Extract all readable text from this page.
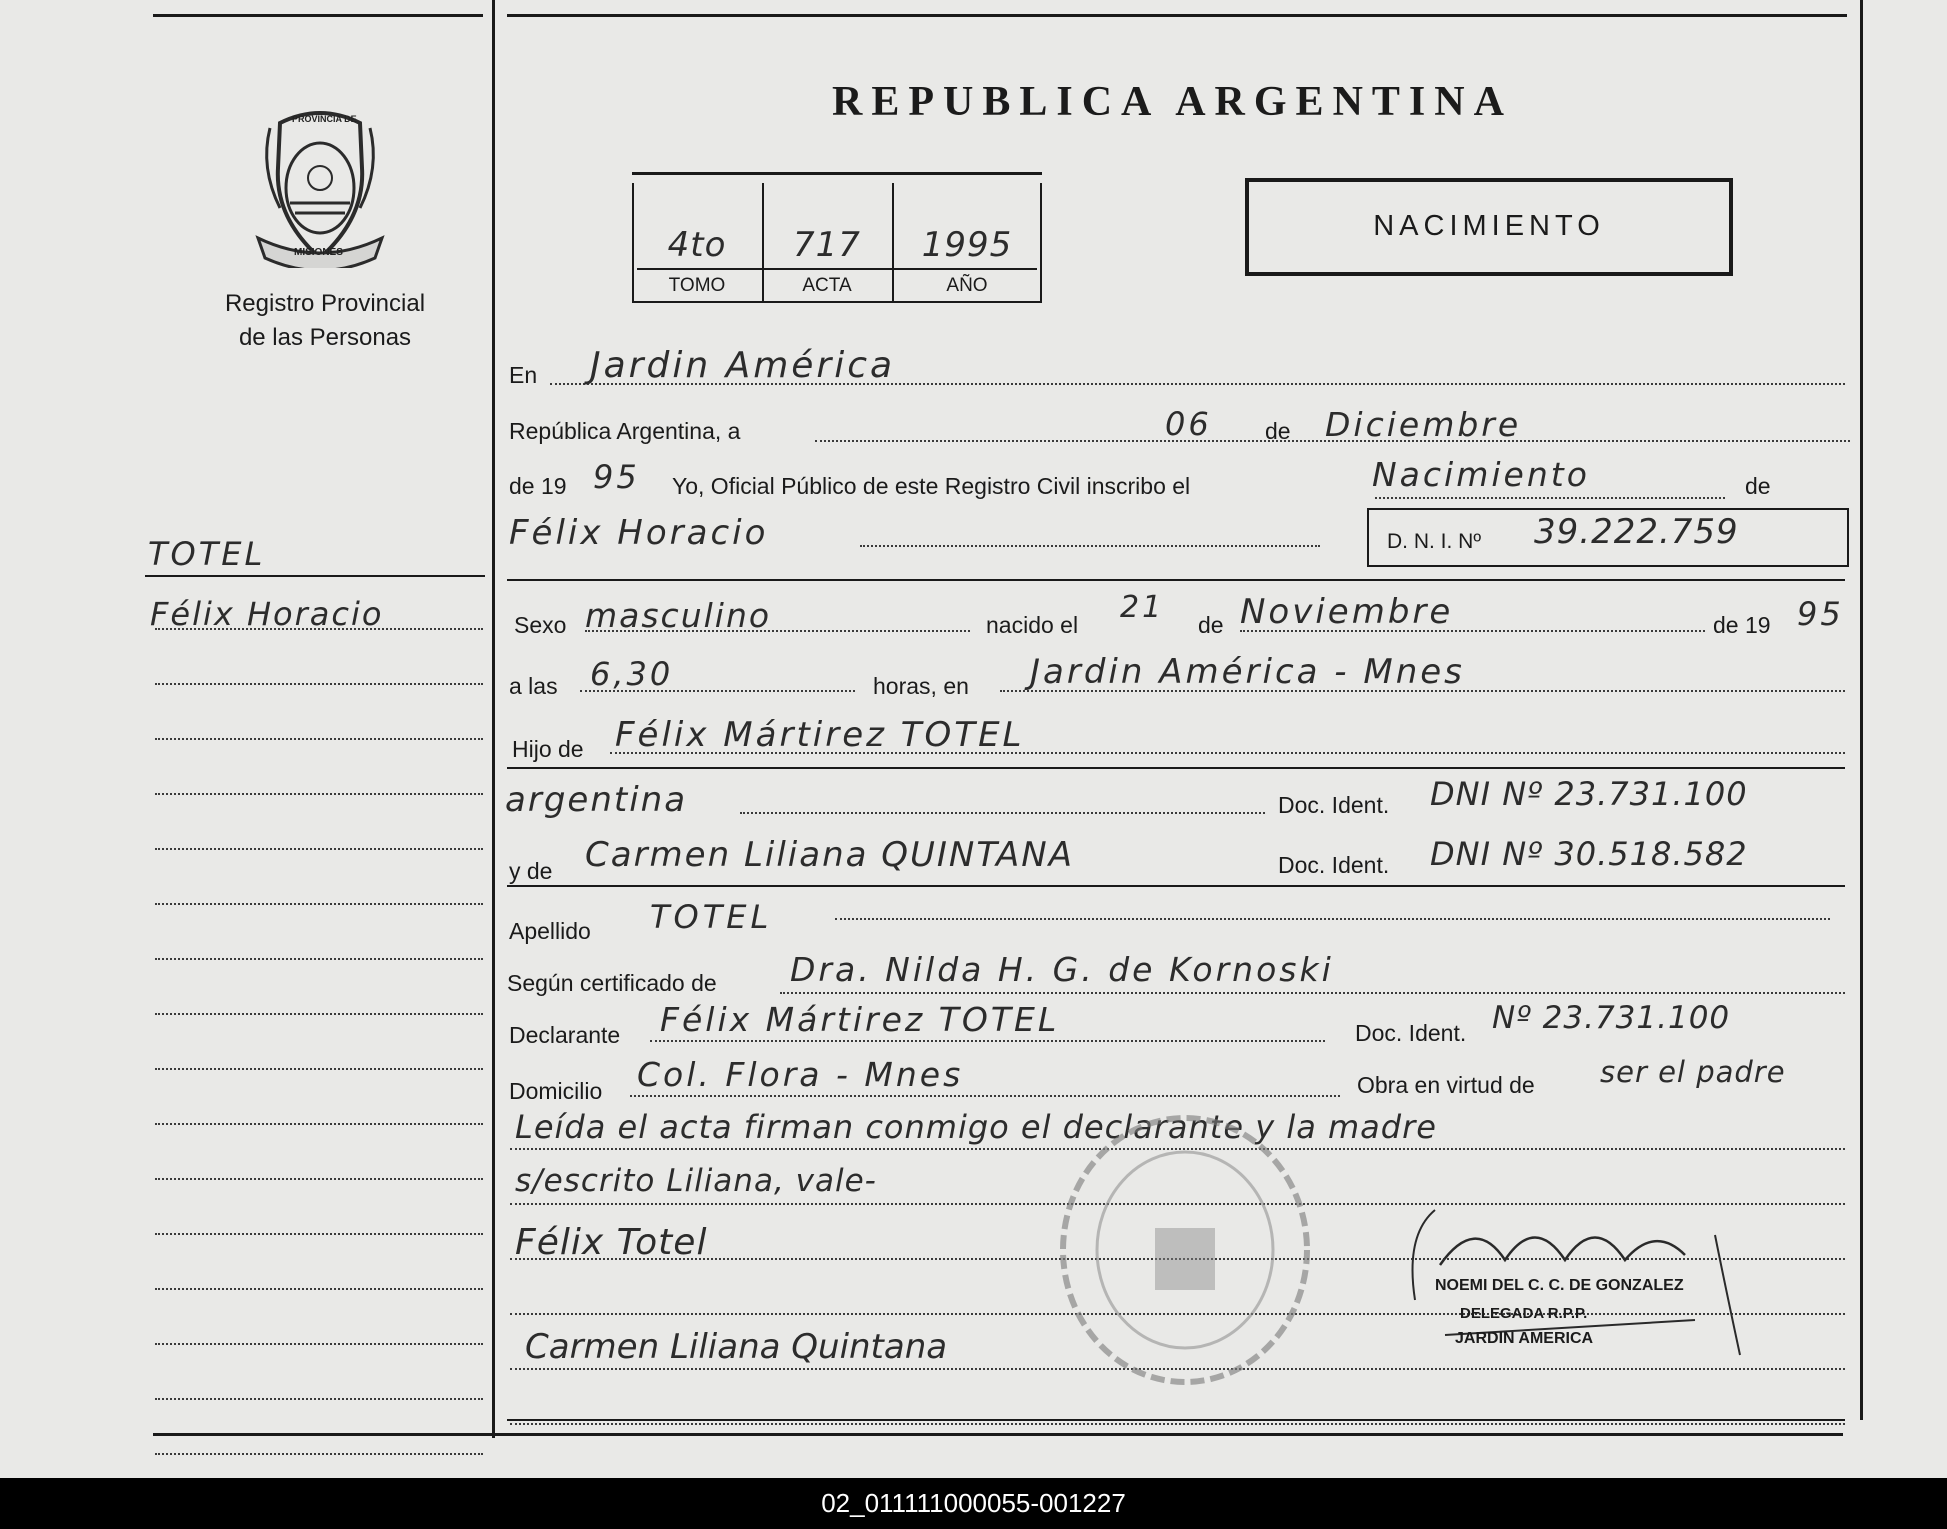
PROVINCIA DE
MISIONES
Registro Provincial
de las Personas
TOTEL
Félix Horacio
REPUBLICA ARGENTINA
4to	717	1995
TOMO	ACTA	AÑO
NACIMIENTO
En Jardin América
República Argentina, a	06 de Diciembre
de 19 95 Yo, Oficial Público de este Registro Civil inscribo el	Nacimiento	de
Félix Horacio	D. N. I. Nº 39.222.759
Sexo masculino	nacido el 21 de Noviembre	de 19 95
a las 6,30	horas, en Jardin América - Mnes
Hijo de Félix Mártirez TOTEL
argentina	Doc. Ident. DNI Nº 23.731.100
y de Carmen Liliana QUINTANA	Doc. Ident. DNI Nº 30.518.582
Apellido TOTEL
Según certificado de Dra. Nilda H. G. de Kornoski
Declarante Félix Mártirez TOTEL	Doc. Ident. Nº 23.731.100
Domicilio Col. Flora - Mnes	Obra en virtud de ser el padre
Leída el acta firman conmigo el declarante y la madre
s/escrito Liliana, vale-
Félix Totel
Carmen Liliana Quintana
NOEMI DEL C. C. DE GONZALEZ
DELEGADA R.P.P.
JARDIN AMERICA
02_011111000055-001227
